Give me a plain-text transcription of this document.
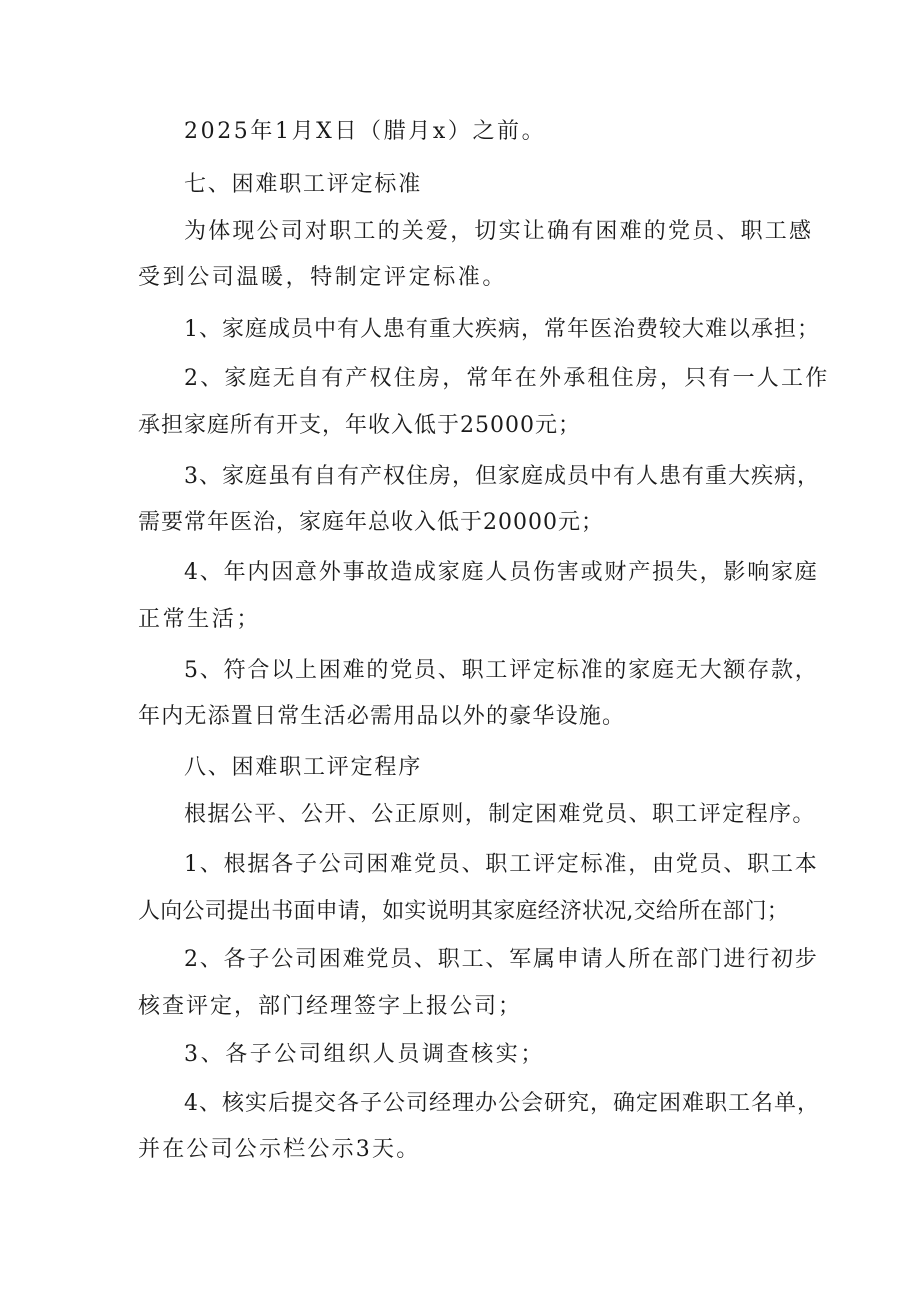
2025年1月X日（腊月x）之前。
七、困难职工评定标准
为体现公司对职工的关爱，切实让确有困难的党员、职工感
受到公司温暖，特制定评定标准。
1、家庭成员中有人患有重大疾病，常年医治费较大难以承担；
2、家庭无自有产权住房，常年在外承租住房，只有一人工作
承担家庭所有开支，年收入低于25000元；
3、家庭虽有自有产权住房，但家庭成员中有人患有重大疾病，
需要常年医治，家庭年总收入低于20000元；
4、年内因意外事故造成家庭人员伤害或财产损失，影响家庭
正常生活；
5、符合以上困难的党员、职工评定标准的家庭无大额存款，
年内无添置日常生活必需用品以外的豪华设施。
八、困难职工评定程序
根据公平、公开、公正原则，制定困难党员、职工评定程序。
1、根据各子公司困难党员、职工评定标准，由党员、职工本
人向公司提出书面申请，如实说明其家庭经济状况,交给所在部门；
2、各子公司困难党员、职工、军属申请人所在部门进行初步
核查评定，部门经理签字上报公司；
3、各子公司组织人员调查核实；
4、核实后提交各子公司经理办公会研究，确定困难职工名单，
并在公司公示栏公示3天。
